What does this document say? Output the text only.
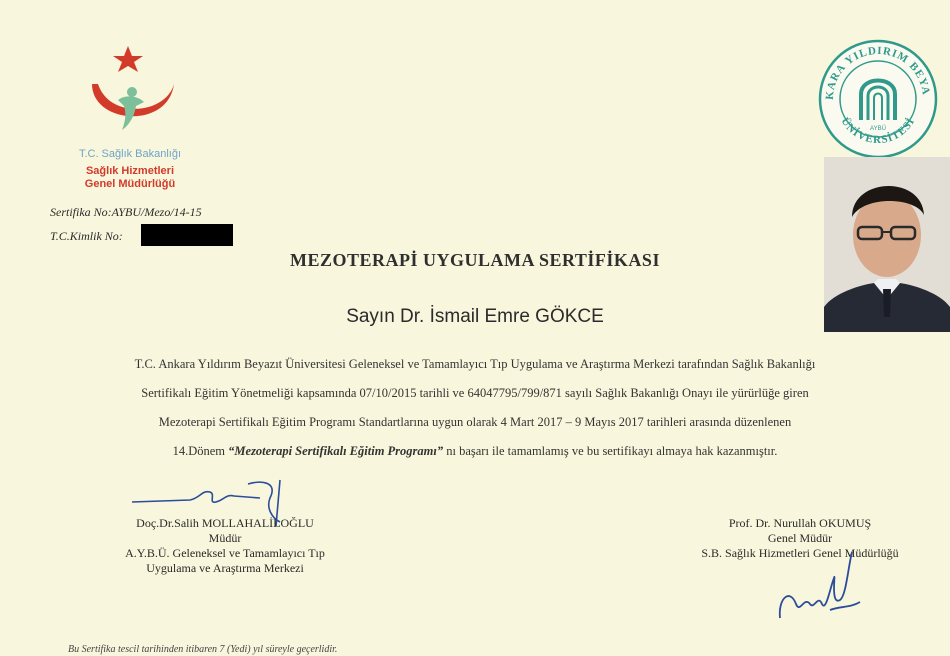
T.C. Sağlık Bakanlığı
Sağlık Hizmetleri
Genel Müdürlüğü
Sertifika No:AYBU/Mezo/14-15
T.C.Kimlik No:
KARA YILDIRIM BEYA
ÜNİVERSİTESİ
AYBÜ
MEZOTERAPİ UYGULAMA SERTİFİKASI
Sayın Dr. İsmail Emre GÖKCE
T.C. Ankara Yıldırım Beyazıt Üniversitesi Geleneksel ve Tamamlayıcı Tıp Uygulama ve Araştırma Merkezi tarafından Sağlık Bakanlığı
Sertifikalı Eğitim Yönetmeliği kapsamında 07/10/2015 tarihli ve 64047795/799/871 sayılı Sağlık Bakanlığı Onayı ile yürürlüğe giren
Mezoterapi Sertifikalı Eğitim Programı Standartlarına uygun olarak 4 Mart 2017 – 9 Mayıs 2017 tarihleri arasında düzenlenen
14.Dönem “Mezoterapi Sertifikalı Eğitim Programı” nı başarı ile tamamlamış ve bu sertifikayı almaya hak kazanmıştır.
Doç.Dr.Salih MOLLAHALİLOĞLU
Müdür
A.Y.B.Ü. Geleneksel ve Tamamlayıcı Tıp
Uygulama ve Araştırma Merkezi
Prof. Dr. Nurullah OKUMUŞ
Genel Müdür
S.B. Sağlık Hizmetleri Genel Müdürlüğü
Bu Sertifika tescil tarihinden itibaren 7 (Yedi) yıl süreyle geçerlidir.
